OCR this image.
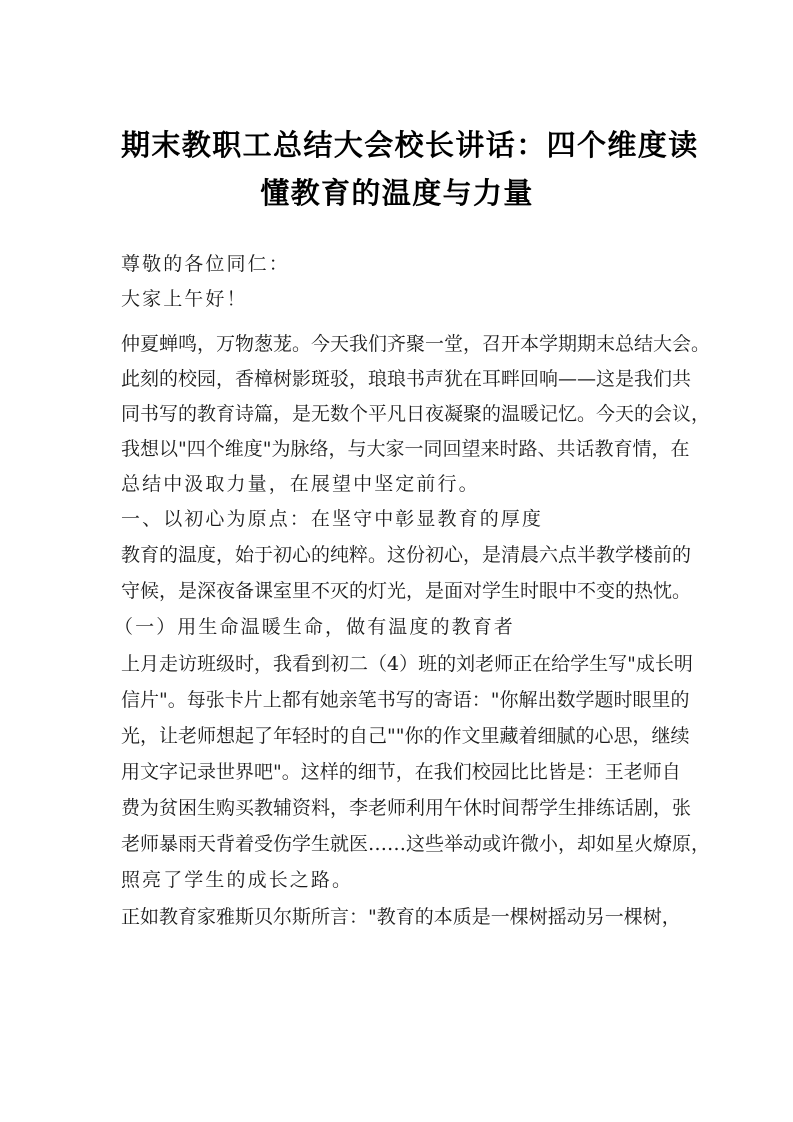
期末教职工总结大会校长讲话：四个维度读
懂教育的温度与力量
尊敬的各位同仁：
大家上午好！
仲夏蝉鸣，万物葱茏。今天我们齐聚一堂，召开本学期期末总结大会。
此刻的校园，香樟树影斑驳，琅琅书声犹在耳畔回响——这是我们共
同书写的教育诗篇，是无数个平凡日夜凝聚的温暖记忆。今天的会议，
我想以"四个维度"为脉络，与大家一同回望来时路、共话教育情，在
总结中汲取力量，在展望中坚定前行。
一、以初心为原点：在坚守中彰显教育的厚度
教育的温度，始于初心的纯粹。这份初心，是清晨六点半教学楼前的
守候，是深夜备课室里不灭的灯光，是面对学生时眼中不变的热忱。
（一）用生命温暖生命，做有温度的教育者
上月走访班级时，我看到初二（4）班的刘老师正在给学生写"成长明
信片"。每张卡片上都有她亲笔书写的寄语："你解出数学题时眼里的
光，让老师想起了年轻时的自己""你的作文里藏着细腻的心思，继续
用文字记录世界吧"。这样的细节，在我们校园比比皆是：王老师自
费为贫困生购买教辅资料，李老师利用午休时间帮学生排练话剧，张
老师暴雨天背着受伤学生就医……这些举动或许微小，却如星火燎原，
照亮了学生的成长之路。
正如教育家雅斯贝尔斯所言："教育的本质是一棵树摇动另一棵树，
